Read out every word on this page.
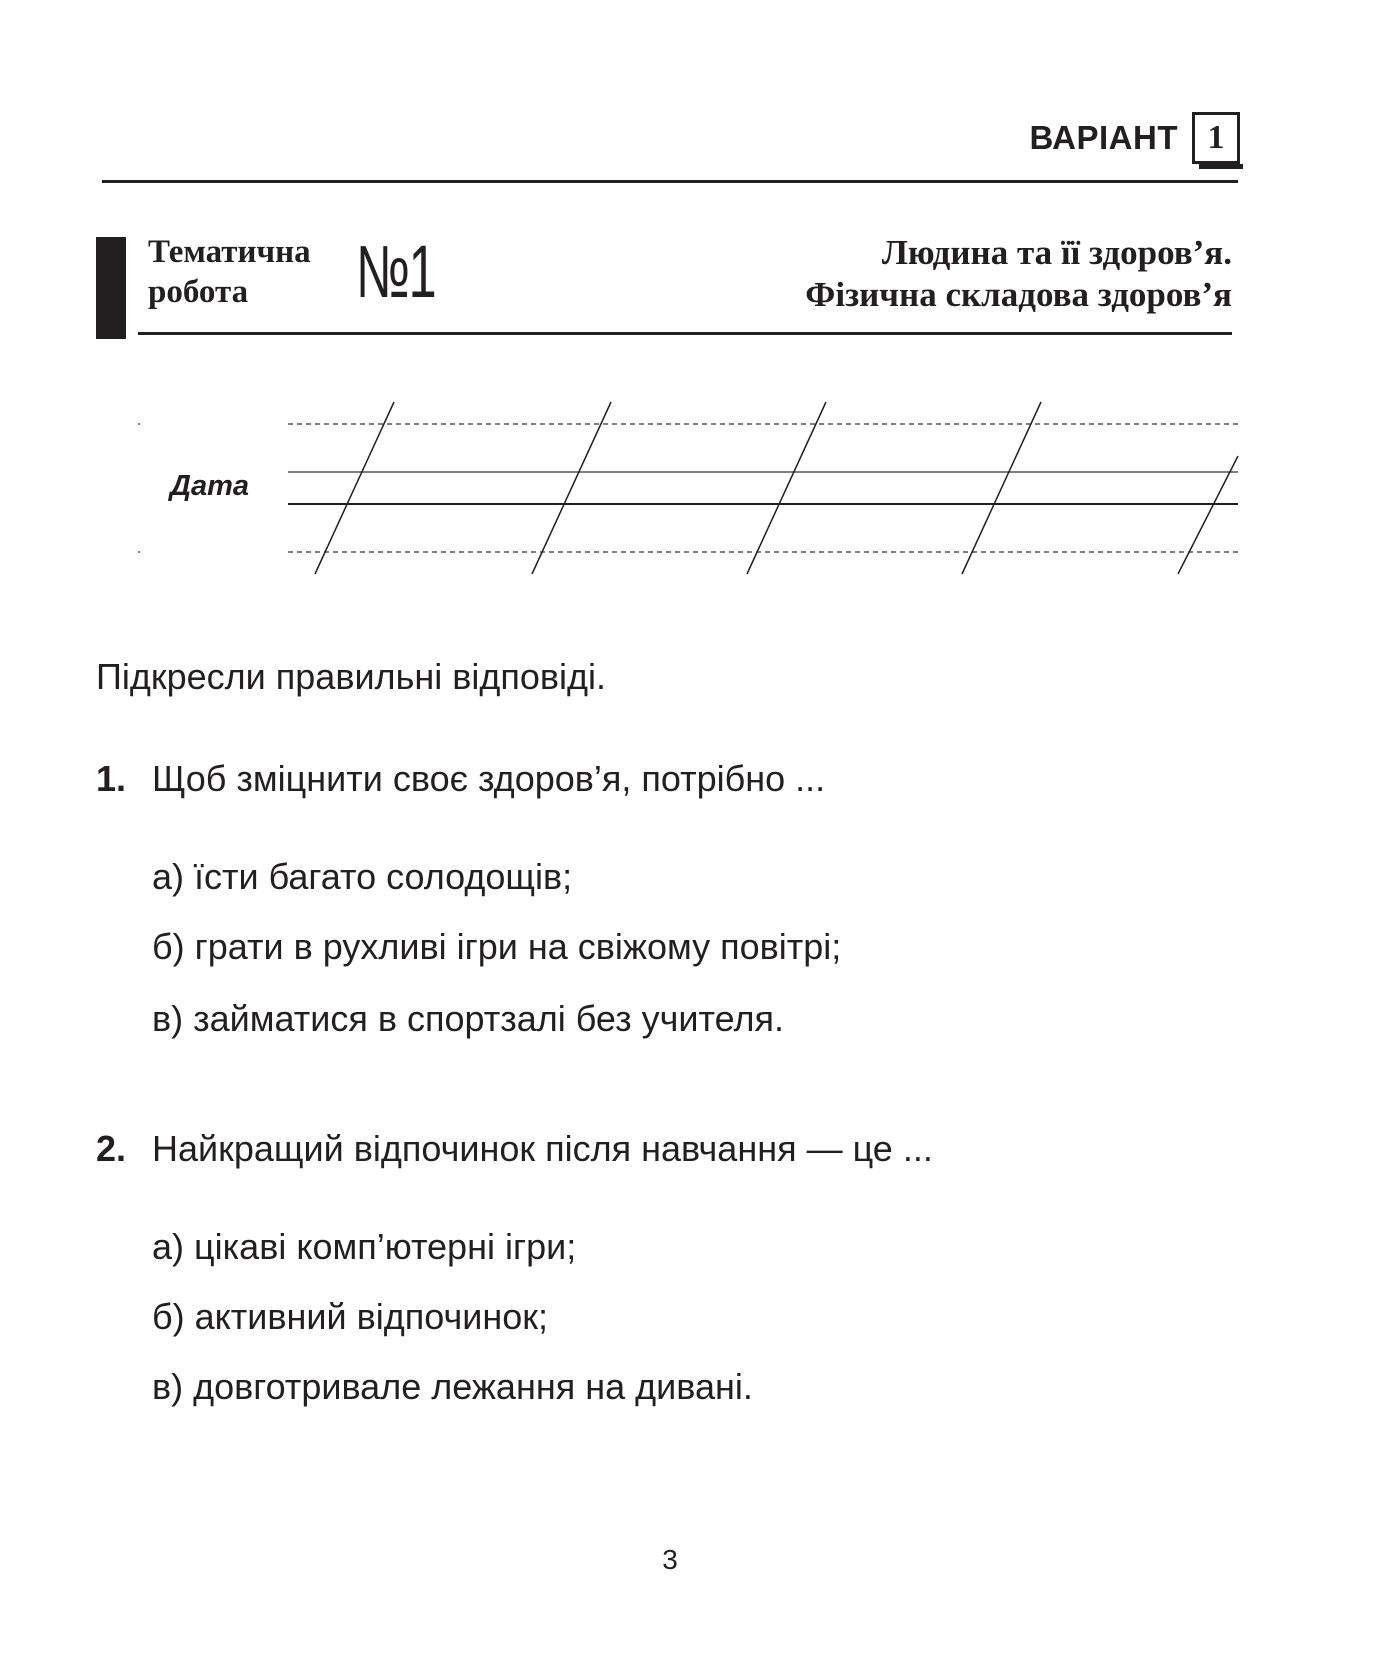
ВАРІАНТ 1
Тематична
робота	№1	Людина та її здоров’я.
Фізична складова здоров’я
Дата
Підкресли правильні відповіді.
1. Щоб зміцнити своє здоров’я, потрібно ...
а) їсти багато солодощів;
б) грати в рухливі ігри на свіжому повітрі;
в) займатися в спортзалі без учителя.
2. Найкращий відпочинок після навчання — це ...
а) цікаві комп’ютерні ігри;
б) активний відпочинок;
в) довготривале лежання на дивані.
3
